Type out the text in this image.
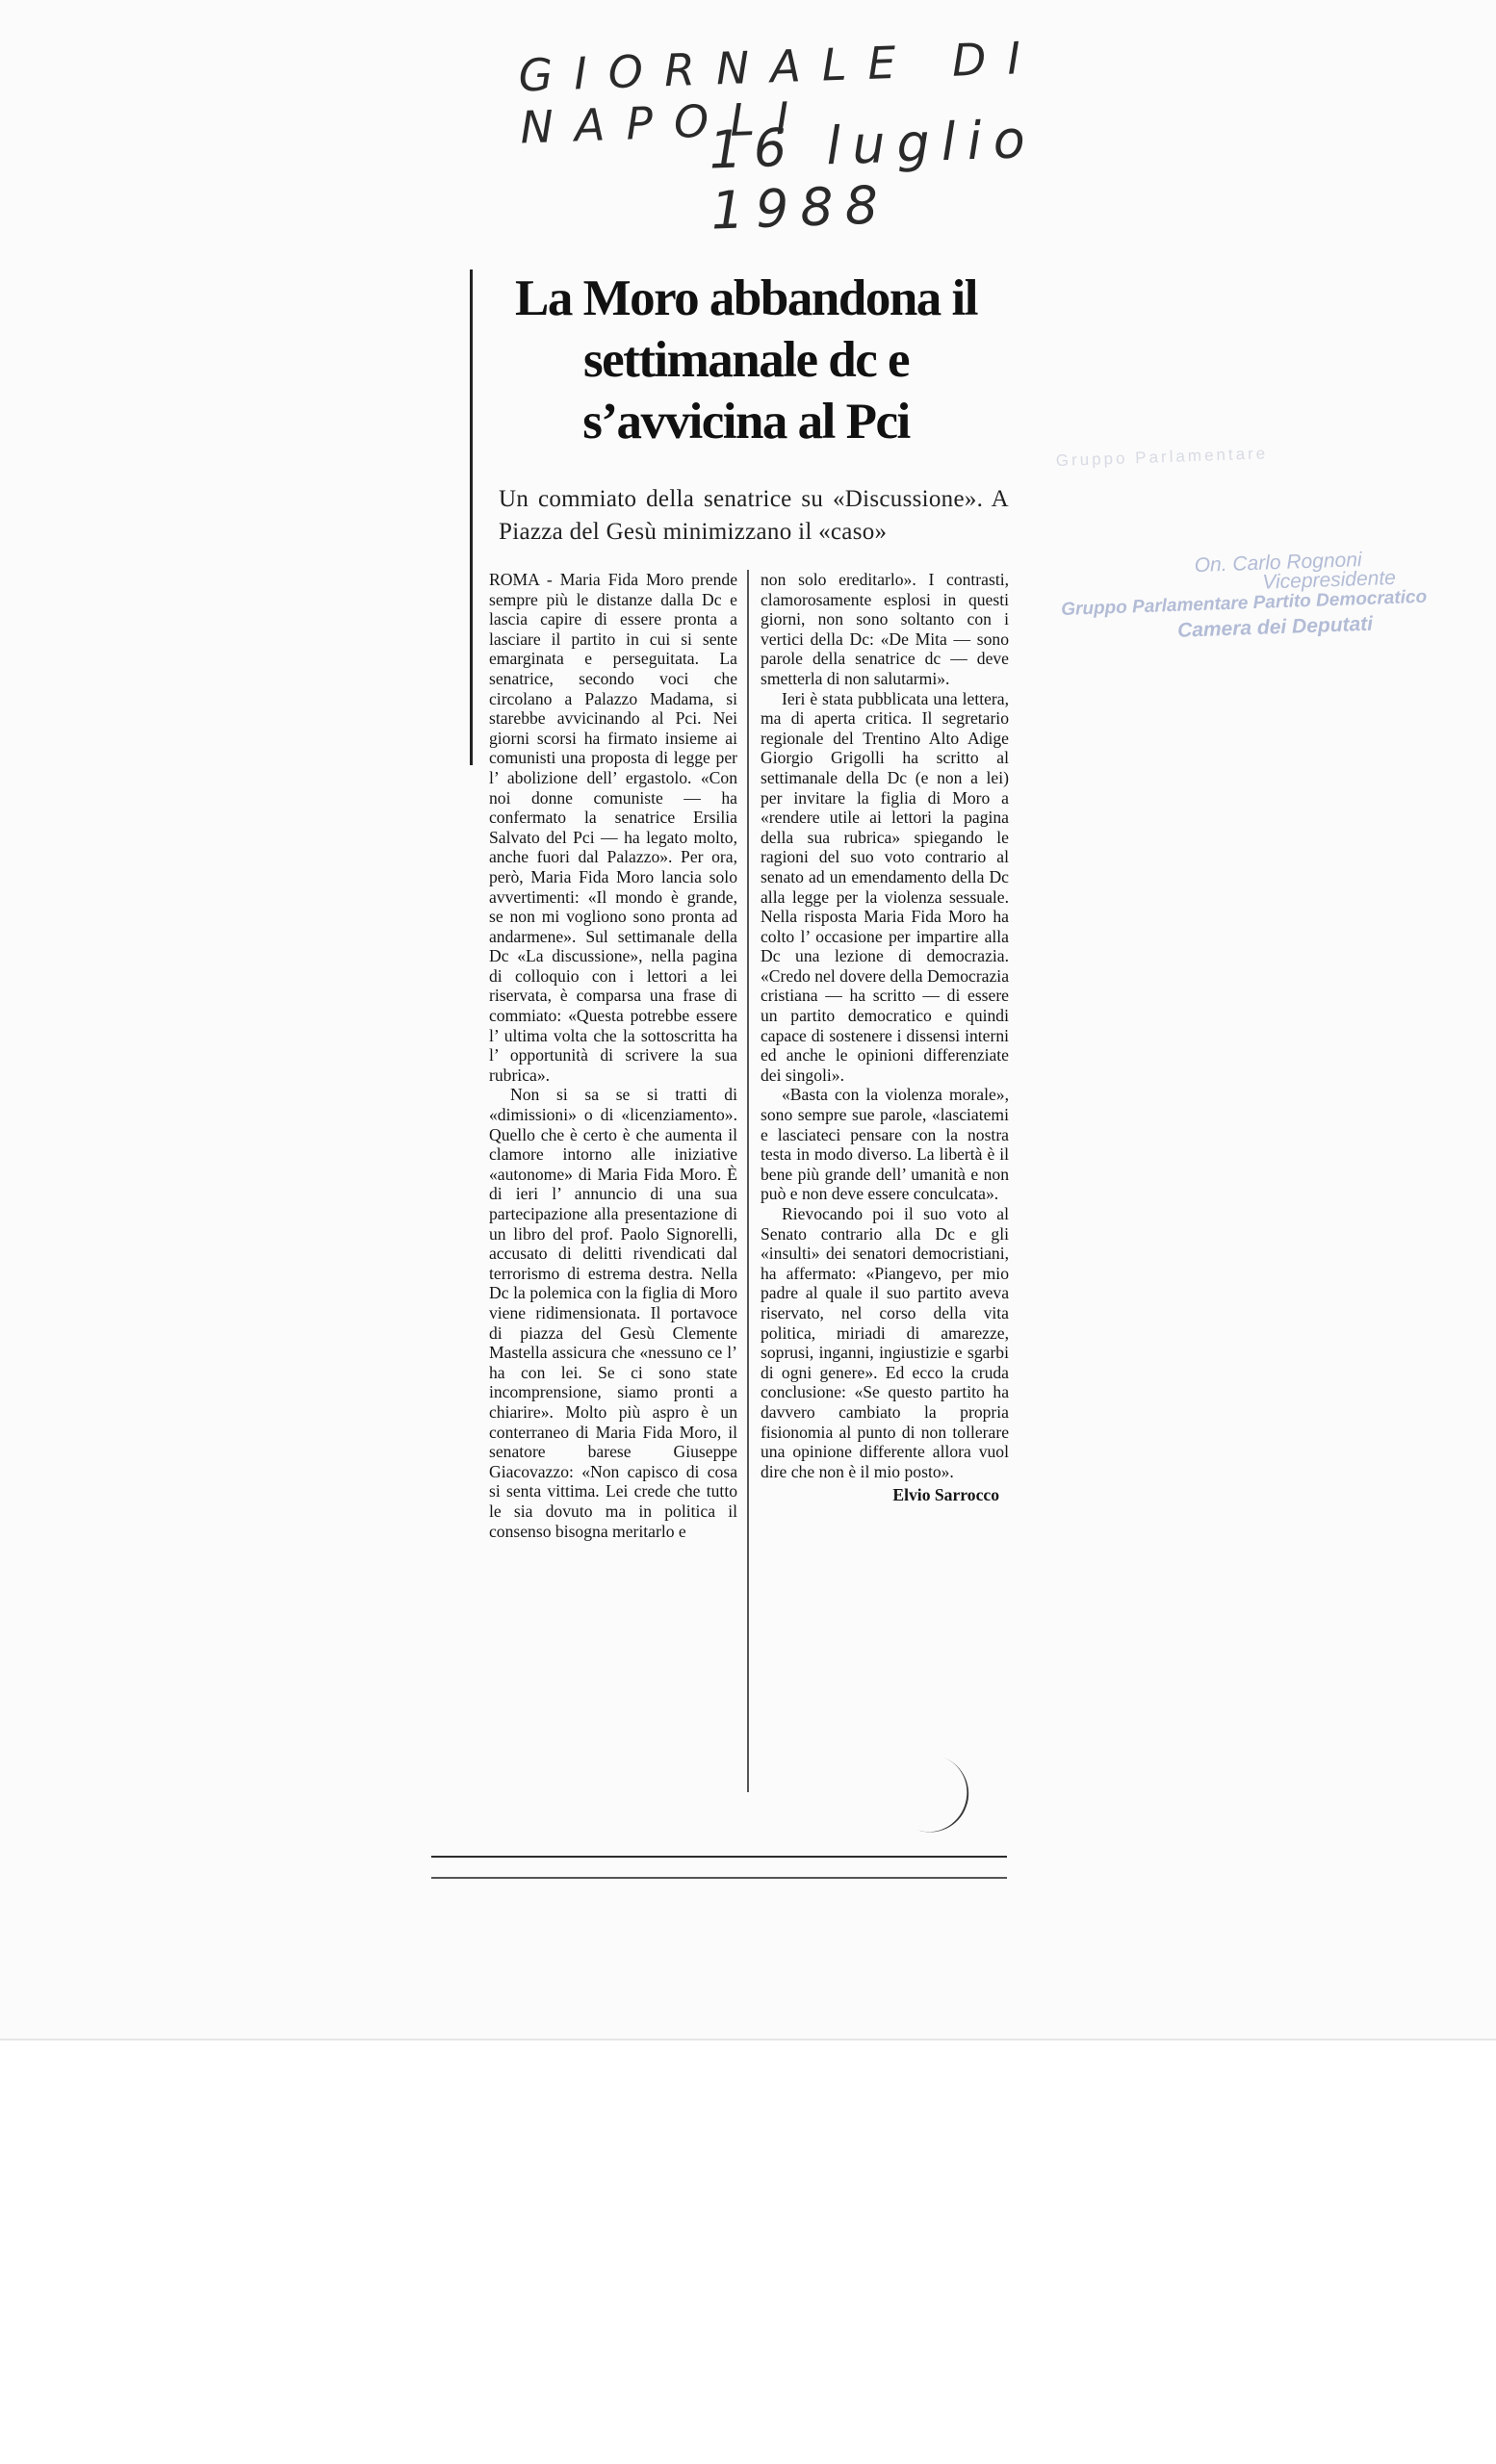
GIORNALE DI NAPOLI
16 luglio 1988
La Moro abbandona il settimanale dc e s’avvicina al Pci

Un commiato della senatrice su «Discussione». A Piazza del Gesù minimizzano il «caso»

ROMA - Maria Fida Moro prende sempre più le distanze dalla Dc e lascia capire di essere pronta a lasciare il partito in cui si sente emarginata e perseguitata. La senatrice, secondo voci che circolano a Palazzo Madama, si starebbe avvicinando al Pci. Nei giorni scorsi ha firmato insieme ai comunisti una proposta di legge per l’ abolizione dell’ ergastolo. «Con noi donne comuniste — ha confermato la senatrice Ersilia Salvato del Pci — ha legato molto, anche fuori dal Palazzo». Per ora, però, Maria Fida Moro lancia solo avvertimenti: «Il mondo è grande, se non mi vogliono sono pronta ad andarmene». Sul settimanale della Dc «La discussione», nella pagina di colloquio con i lettori a lei riservata, è comparsa una frase di commiato: «Questa potrebbe essere l’ ultima volta che la sottoscritta ha l’ opportunità di scrivere la sua rubrica».

Non si sa se si tratti di «dimissioni» o di «licenziamento». Quello che è certo è che aumenta il clamore intorno alle iniziative «autonome» di Maria Fida Moro. È di ieri l’ annuncio di una sua partecipazione alla presentazione di un libro del prof. Paolo Signorelli, accusato di delitti rivendicati dal terrorismo di estrema destra. Nella Dc la polemica con la figlia di Moro viene ridimensionata. Il portavoce di piazza del Gesù Clemente Mastella assicura che «nessuno ce l’ ha con lei. Se ci sono state incomprensione, siamo pronti a chiarire». Molto più aspro è un conterraneo di Maria Fida Moro, il senatore barese Giuseppe Giacovazzo: «Non capisco di cosa si senta vittima. Lei crede che tutto le sia dovuto ma in politica il consenso bisogna meritarlo e

non solo ereditarlo». I contrasti, clamorosamente esplosi in questi giorni, non sono soltanto con i vertici della Dc: «De Mita — sono parole della senatrice dc — deve smetterla di non salutarmi».

Ieri è stata pubblicata una lettera, ma di aperta critica. Il segretario regionale del Trentino Alto Adige Giorgio Grigolli ha scritto al settimanale della Dc (e non a lei) per invitare la figlia di Moro a «rendere utile ai lettori la pagina della sua rubrica» spiegando le ragioni del suo voto contrario al senato ad un emendamento della Dc alla legge per la violenza sessuale. Nella risposta Maria Fida Moro ha colto l’ occasione per impartire alla Dc una lezione di democrazia. «Credo nel dovere della Democrazia cristiana — ha scritto — di essere un partito democratico e quindi capace di sostenere i dissensi interni ed anche le opinioni differenziate dei singoli».

«Basta con la violenza morale», sono sempre sue parole, «lasciatemi e lasciateci pensare con la nostra testa in modo diverso. La libertà è il bene più grande dell’ umanità e non può e non deve essere conculcata».

Rievocando poi il suo voto al Senato contrario alla Dc e gli «insulti» dei senatori democristiani, ha affermato: «Piangevo, per mio padre al quale il suo partito aveva riservato, nel corso della vita politica, miriadi di amarezze, soprusi, inganni, ingiustizie e sgarbi di ogni genere». Ed ecco la cruda conclusione: «Se questo partito ha davvero cambiato la propria fisionomia al punto di non tollerare una opinione differente allora vuol dire che non è il mio posto».

Elvio Sarrocco

Gruppo Parlamentare
On. Carlo Rognoni
Vicepresidente
Gruppo Parlamentare Partito Democratico
Camera dei Deputati
